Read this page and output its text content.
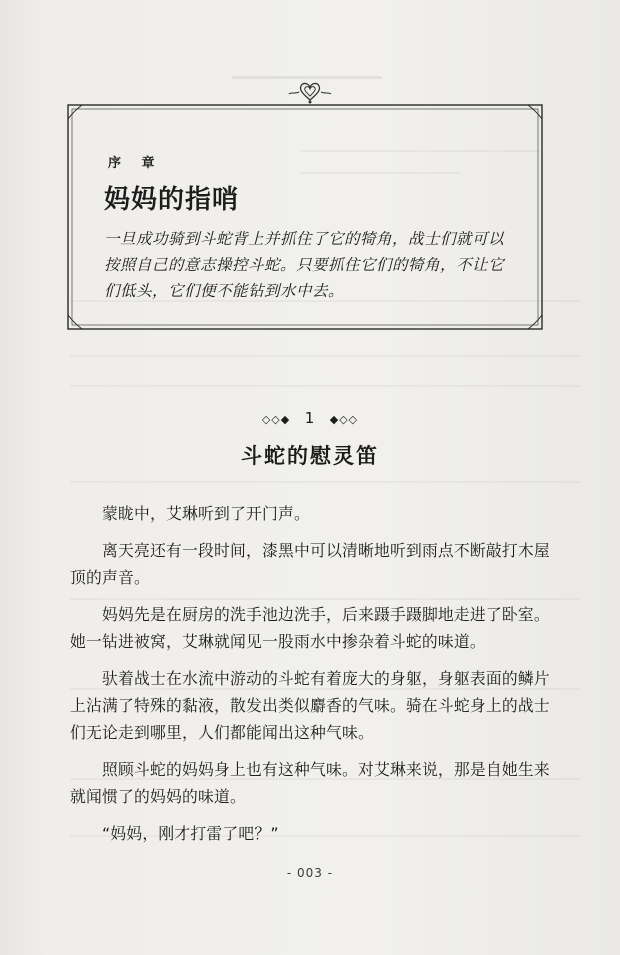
序 章
妈妈的指哨
一旦成功骑到斗蛇背上并抓住了它的犄角，战士们就可以按照自己的意志操控斗蛇。只要抓住它们的犄角，不让它们低头，它们便不能钻到水中去。
◇◇◆ 1 ◆◇◇
斗蛇的慰灵笛

蒙眬中，艾琳听到了开门声。

离天亮还有一段时间，漆黑中可以清晰地听到雨点不断敲打木屋顶的声音。

妈妈先是在厨房的洗手池边洗手，后来蹑手蹑脚地走进了卧室。她一钻进被窝，艾琳就闻见一股雨水中掺杂着斗蛇的味道。

驮着战士在水流中游动的斗蛇有着庞大的身躯，身躯表面的鳞片上沾满了特殊的黏液，散发出类似麝香的气味。骑在斗蛇身上的战士们无论走到哪里，人们都能闻出这种气味。

照顾斗蛇的妈妈身上也有这种气味。对艾琳来说，那是自她生来就闻惯了的妈妈的味道。

“妈妈，刚才打雷了吧？”

- 003 -
